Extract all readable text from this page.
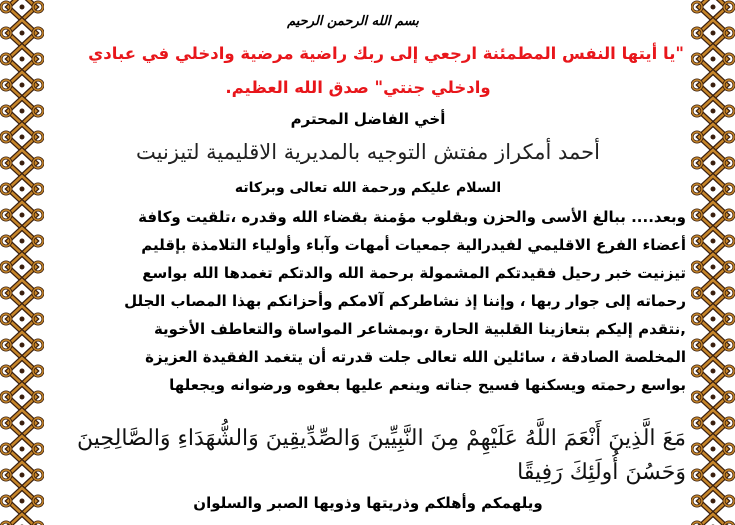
بسم الله الرحمن الرحيم
"يا أيتها النفس المطمئنة ارجعي إلى ربك راضية مرضية وادخلي في عبادي
وادخلي جنتي" صدق الله العظيم.
أخي الفاضل المحترم
أحمد أمكراز مفتش التوجيه بالمديرية الاقليمية لتيزنيت
السلام عليكم ورحمة الله تعالى وبركاته
وبعد.... ببالغ الأسى والحزن وبقلوب مؤمنة بقضاء الله وقدره ،تلقيت وكافة
أعضاء الفرع الاقليمي لفيدرالية جمعيات أمهات وآباء وأولياء التلامذة بإقليم
تيزنيت خبر رحيل فقيدتكم المشمولة برحمة الله والدتكم تغمدها الله بواسع
رحماته إلى جوار ربها ، وإننا إذ نشاطركم آلامكم وأحزانكم بهذا المصاب الجلل
,نتقدم إليكم بتعازينا القلبية الحارة ،وبمشاعر المواساة والتعاطف الأخوية
المخلصة الصادقة ، سائلين الله تعالى جلت قدرته أن يتغمد الفقيدة العزيزة
بواسع رحمته ويسكنها فسيح جناته وينعم عليها بعفوه ورضوانه ويجعلها
مَعَ الَّذِينَ أَنْعَمَ اللَّهُ عَلَيْهِمْ مِنَ النَّبِيِّينَ وَالصِّدِّيقِينَ وَالشُّهَدَاءِ وَالصَّالِحِينَ
وَحَسُنَ أُولَئِكَ رَفِيقًا
ويلهمكم وأهلكم وذريتها وذويها الصبر والسلوان
